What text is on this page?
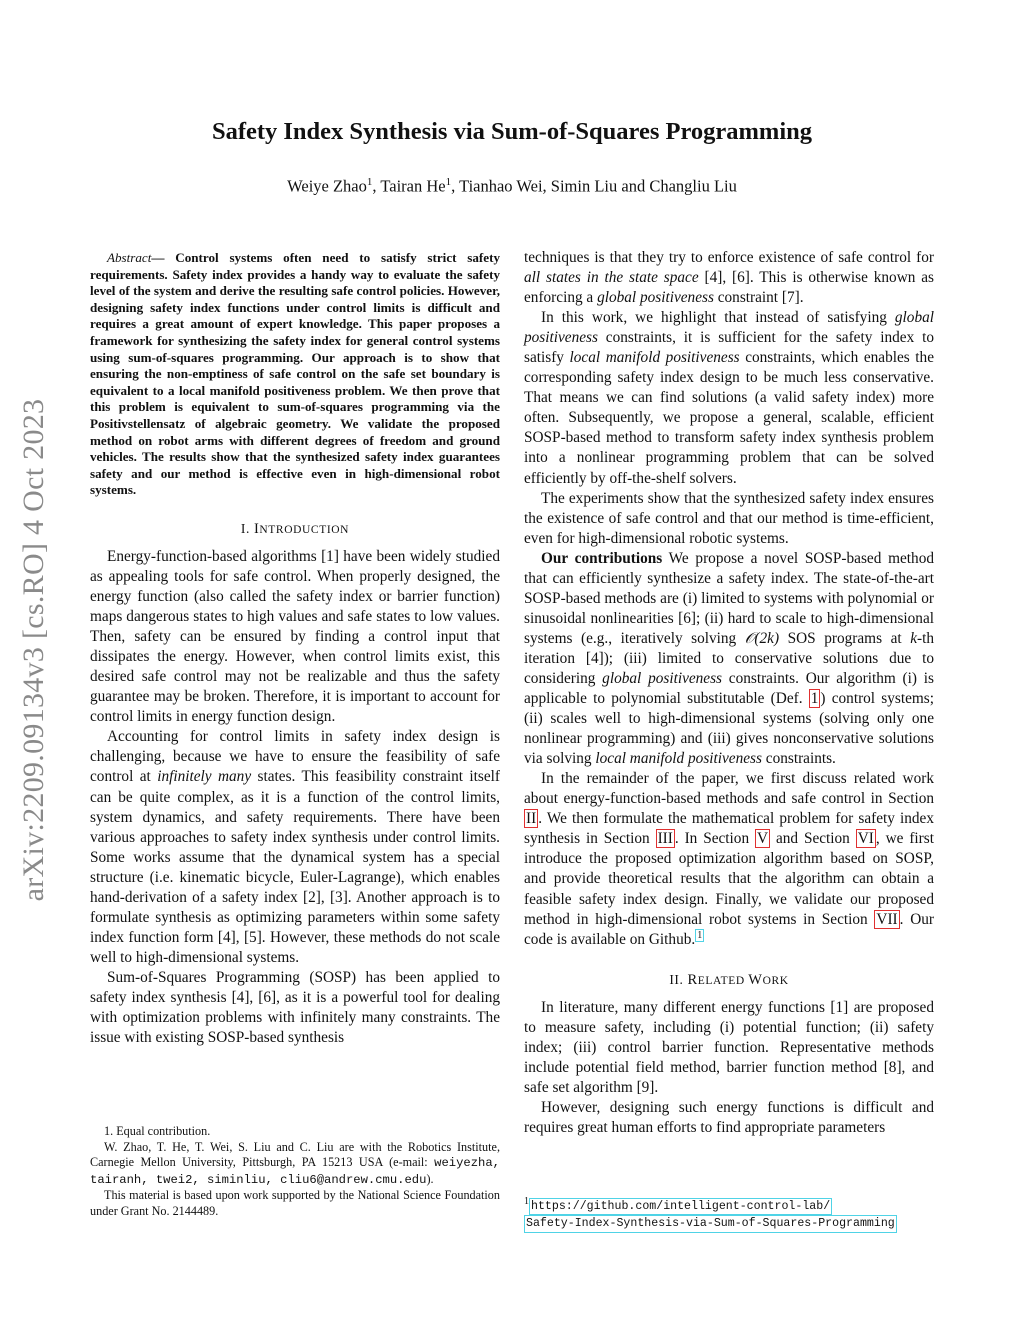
arXiv:2209.09134v3 [cs.RO] 4 Oct 2023
Safety Index Synthesis via Sum-of-Squares Programming
Weiye Zhao$^1$, Tairan He$^1$, Tianhao Wei, Simin Liu and Changliu Liu

Abstract— Control systems often need to satisfy strict safety requirements. Safety index provides a handy way to evaluate the safety level of the system and derive the resulting safe control policies. However, designing safety index functions under control limits is difficult and requires a great amount of expert knowledge. This paper proposes a framework for synthesizing the safety index for general control systems using sum-of-squares programming. Our approach is to show that ensuring the non-emptiness of safe control on the safe set boundary is equivalent to a local manifold positiveness problem. We then prove that this problem is equivalent to sum-of-squares programming via the Positivstellensatz of algebraic geometry. We validate the proposed method on robot arms with different degrees of freedom and ground vehicles. The results show that the synthesized safety index guarantees safety and our method is effective even in high-dimensional robot systems.

I. INTRODUCTION

Energy-function-based algorithms [1] have been widely studied as appealing tools for safe control. When properly designed, the energy function (also called the safety index or barrier function) maps dangerous states to high values and safe states to low values. Then, safety can be ensured by finding a control input that dissipates the energy. However, when control limits exist, this desired safe control may not be realizable and thus the safety guarantee may be broken. Therefore, it is important to account for control limits in energy function design.

Accounting for control limits in safety index design is challenging, because we have to ensure the feasibility of safe control at infinitely many states. This feasibility constraint itself can be quite complex, as it is a function of the control limits, system dynamics, and safety requirements. There have been various approaches to safety index synthesis under control limits. Some works assume that the dynamical system has a special structure (i.e. kinematic bicycle, Euler-Lagrange), which enables hand-derivation of a safety index [2], [3]. Another approach is to formulate synthesis as optimizing parameters within some safety index function form [4], [5]. However, these methods do not scale well to high-dimensional systems.

Sum-of-Squares Programming (SOSP) has been applied to safety index synthesis [4], [6], as it is a powerful tool for dealing with optimization problems with infinitely many constraints. The issue with existing SOSP-based synthesis

1. Equal contribution.

W. Zhao, T. He, T. Wei, S. Liu and C. Liu are with the Robotics Institute, Carnegie Mellon University, Pittsburgh, PA 15213 USA (e-mail: weiyezha, tairanh, twei2, siminliu, cliu6@andrew.cmu.edu).

This material is based upon work supported by the National Science Foundation under Grant No. 2144489.

techniques is that they try to enforce existence of safe control for all states in the state space [4], [6]. This is otherwise known as enforcing a global positiveness constraint [7].

In this work, we highlight that instead of satisfying global positiveness constraints, it is sufficient for the safety index to satisfy local manifold positiveness constraints, which enables the corresponding safety index design to be much less conservative. That means we can find solutions (a valid safety index) more often. Subsequently, we propose a general, scalable, efficient SOSP-based method to transform safety index synthesis problem into a nonlinear programming problem that can be solved efficiently by off-the-shelf solvers.

The experiments show that the synthesized safety index ensures the existence of safe control and that our method is time-efficient, even for high-dimensional robotic systems.

Our contributions We propose a novel SOSP-based method that can efficiently synthesize a safety index. The state-of-the-art SOSP-based methods are (i) limited to systems with polynomial or sinusoidal nonlinearities [6]; (ii) hard to scale to high-dimensional systems (e.g., iteratively solving 𝒪(2k) SOS programs at k-th iteration [4]); (iii) limited to conservative solutions due to considering global positiveness constraints. Our algorithm (i) is applicable to polynomial substitutable (Def. 1 ) control systems; (ii) scales well to high-dimensional systems (solving only one nonlinear programming) and (iii) gives nonconservative solutions via solving local manifold positiveness constraints.

In the remainder of the paper, we first discuss related work about energy-function-based methods and safe control in Section II . We then formulate the mathematical problem for safety index synthesis in Section III . In Section V and Section VI , we first introduce the proposed optimization algorithm based on SOSP, and provide theoretical results that the algorithm can obtain a feasible safety index design. Finally, we validate our proposed method in high-dimensional robot systems in Section VII . Our code is available on Github. $^1$

II. RELATED WORK

In literature, many different energy functions [1] are proposed to measure safety, including (i) potential function; (ii) safety index; (iii) control barrier function. Representative methods include potential field method, barrier function method [8], and safe set algorithm [9].

However, designing such energy functions is difficult and requires great human efforts to find appropriate parameters

$^1$ https://github.com/intelligent-control-lab/
Safety-Index-Synthesis-via-Sum-of-Squares-Programming
